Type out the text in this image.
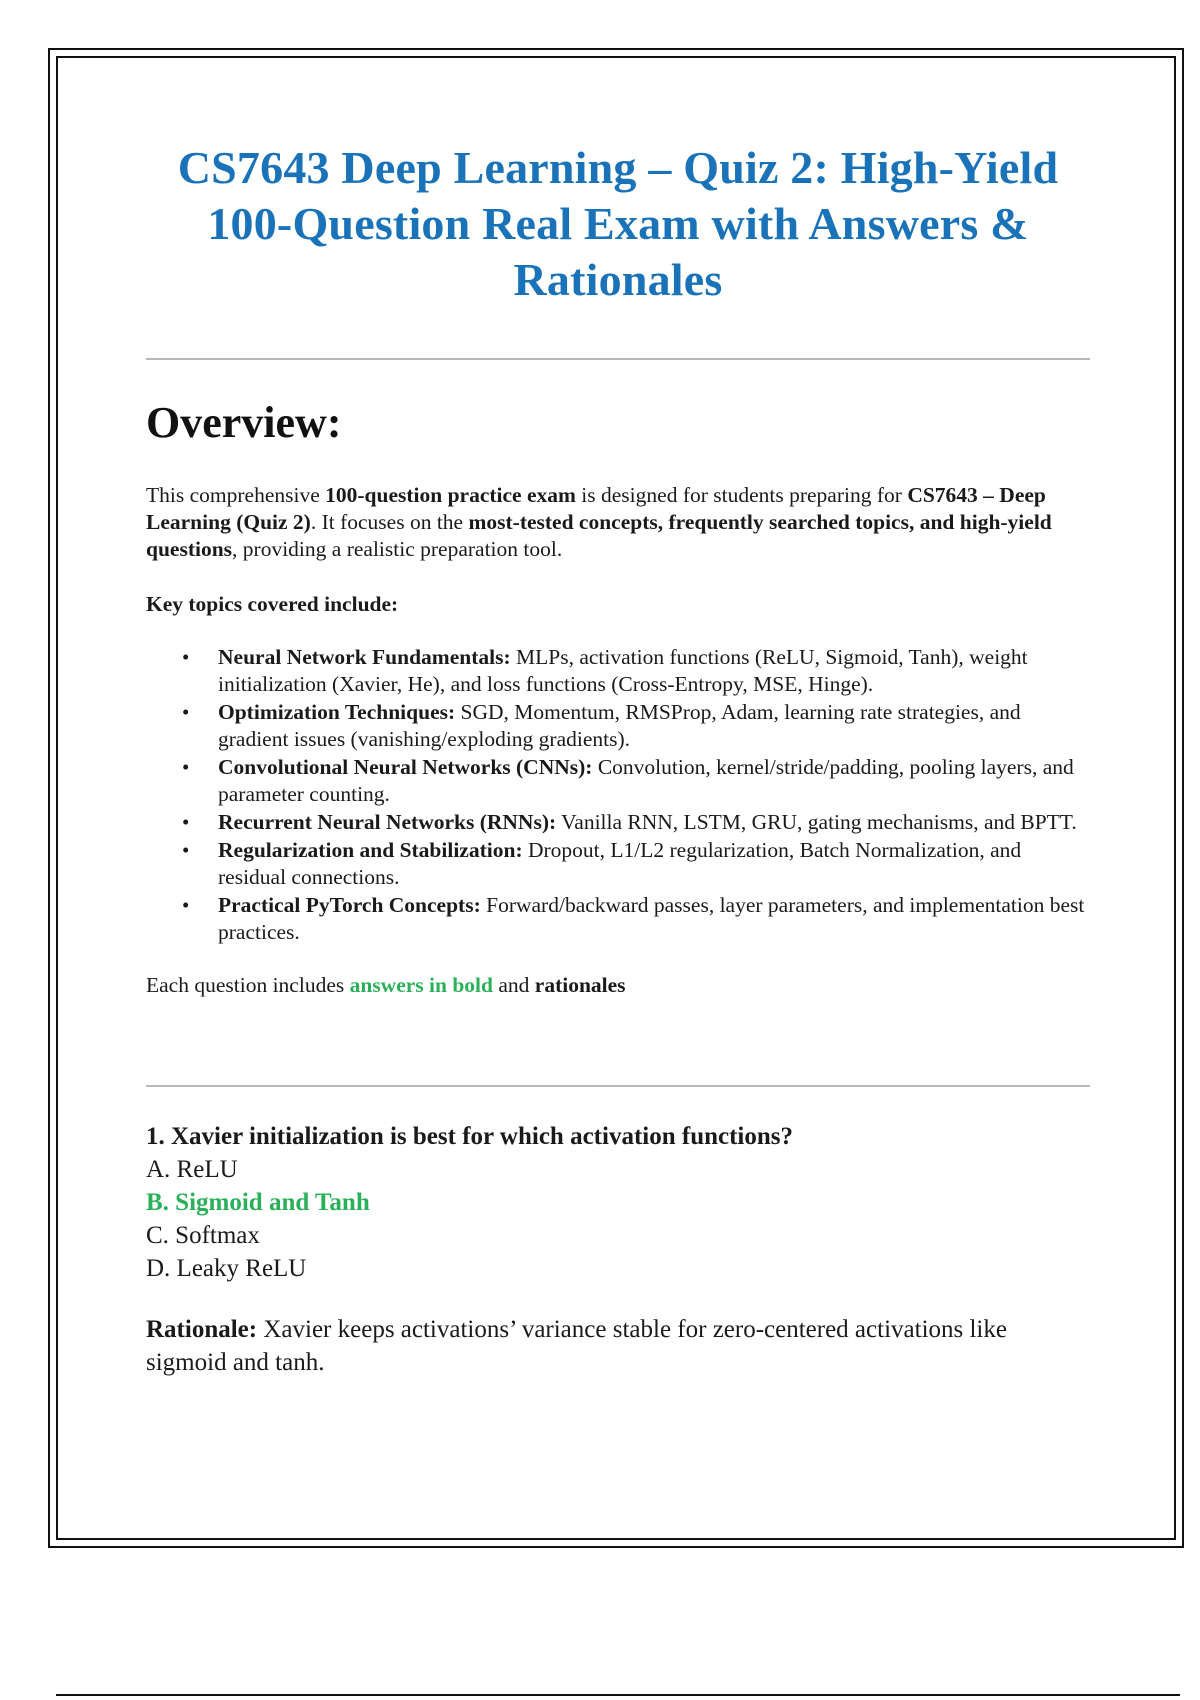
CS7643 Deep Learning – Quiz 2: High-Yield 100-Question Real Exam with Answers & Rationales
Overview:

This comprehensive 100-question practice exam is designed for students preparing for CS7643 – Deep Learning (Quiz 2). It focuses on the most-tested concepts, frequently searched topics, and high-yield questions, providing a realistic preparation tool.

Key topics covered include:

• Neural Network Fundamentals: MLPs, activation functions (ReLU, Sigmoid, Tanh), weight initialization (Xavier, He), and loss functions (Cross-Entropy, MSE, Hinge).
• Optimization Techniques: SGD, Momentum, RMSProp, Adam, learning rate strategies, and gradient issues (vanishing/exploding gradients).
• Convolutional Neural Networks (CNNs): Convolution, kernel/stride/padding, pooling layers, and parameter counting.
• Recurrent Neural Networks (RNNs): Vanilla RNN, LSTM, GRU, gating mechanisms, and BPTT.
• Regularization and Stabilization: Dropout, L1/L2 regularization, Batch Normalization, and residual connections.
• Practical PyTorch Concepts: Forward/backward passes, layer parameters, and implementation best practices.

Each question includes answers in bold and rationales

1. Xavier initialization is best for which activation functions?

A. ReLU
B. Sigmoid and Tanh
C. Softmax
D. Leaky ReLU

Rationale: Xavier keeps activations’ variance stable for zero-centered activations like sigmoid and tanh.
